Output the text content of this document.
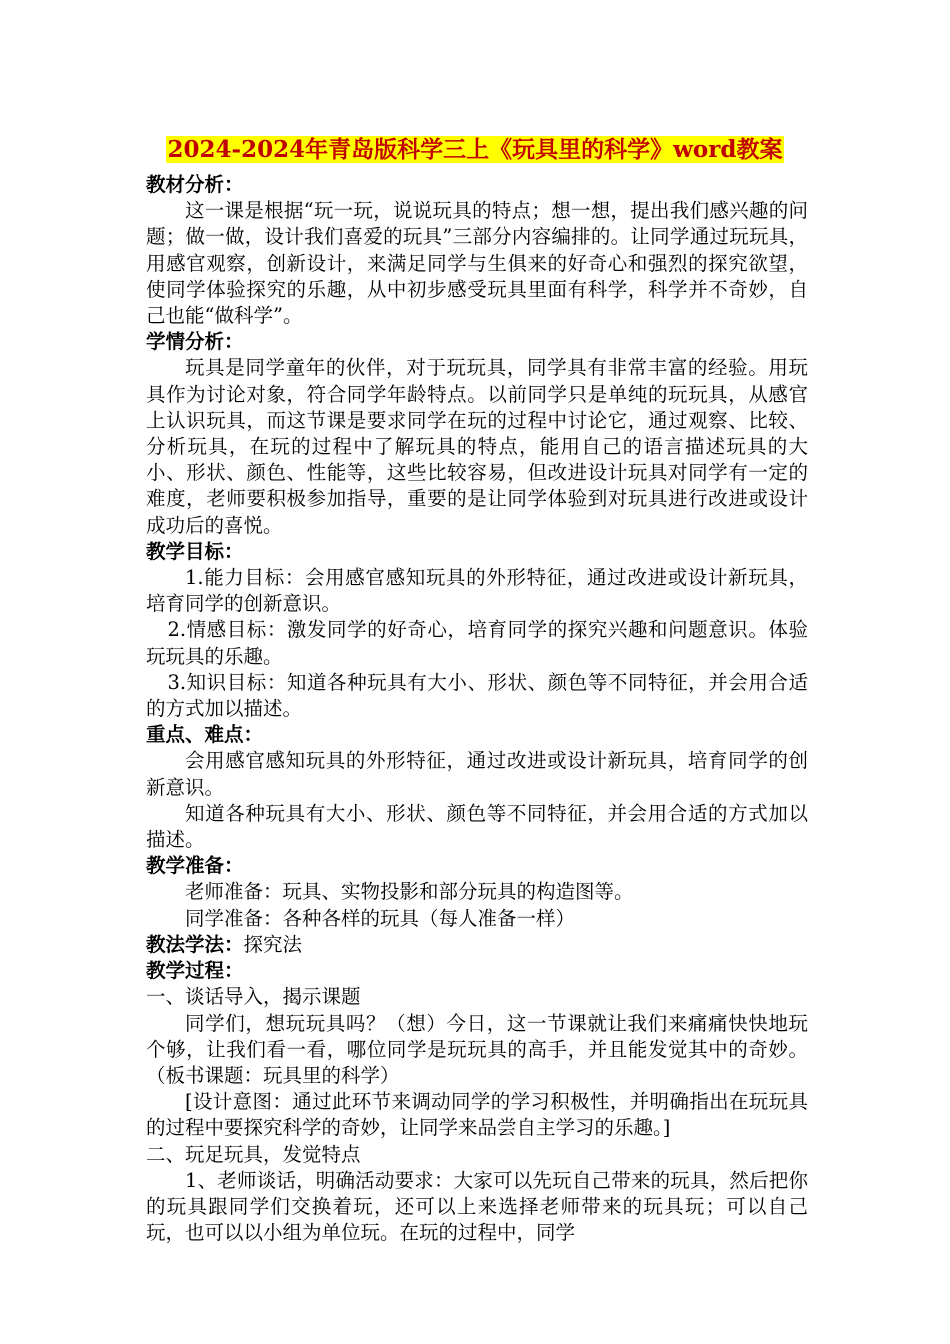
2024-2024年青岛版科学三上《玩具里的科学》word教案

教材分析：

这一课是根据“玩一玩，说说玩具的特点；想一想，提出我们感兴趣的问题；做一做，设计我们喜爱的玩具”三部分内容编排的。让同学通过玩玩具，用感官观察，创新设计，来满足同学与生俱来的好奇心和强烈的探究欲望，使同学体验探究的乐趣，从中初步感受玩具里面有科学，科学并不奇妙，自己也能“做科学”。

学情分析：

玩具是同学童年的伙伴，对于玩玩具，同学具有非常丰富的经验。用玩具作为讨论对象，符合同学年龄特点。以前同学只是单纯的玩玩具，从感官上认识玩具，而这节课是要求同学在玩的过程中讨论它，通过观察、比较、分析玩具，在玩的过程中了解玩具的特点，能用自己的语言描述玩具的大小、形状、颜色、性能等，这些比较容易，但改进设计玩具对同学有一定的难度，老师要积极参加指导，重要的是让同学体验到对玩具进行改进或设计成功后的喜悦。

教学目标：

1.能力目标：会用感官感知玩具的外形特征，通过改进或设计新玩具，培育同学的创新意识。

2.情感目标：激发同学的好奇心，培育同学的探究兴趣和问题意识。体验玩玩具的乐趣。

3.知识目标：知道各种玩具有大小、形状、颜色等不同特征，并会用合适的方式加以描述。

重点、难点：

会用感官感知玩具的外形特征，通过改进或设计新玩具，培育同学的创新意识。

知道各种玩具有大小、形状、颜色等不同特征，并会用合适的方式加以描述。

教学准备：

老师准备：玩具、实物投影和部分玩具的构造图等。

同学准备：各种各样的玩具（每人准备一样）

教法学法：探究法

教学过程：

一、谈话导入，揭示课题

同学们，想玩玩具吗？（想）今日，这一节课就让我们来痛痛快快地玩个够，让我们看一看，哪位同学是玩玩具的高手，并且能发觉其中的奇妙。（板书课题：玩具里的科学）

[设计意图：通过此环节来调动同学的学习积极性，并明确指出在玩玩具的过程中要探究科学的奇妙，让同学来品尝自主学习的乐趣。]

二、玩足玩具，发觉特点

1、老师谈话，明确活动要求：大家可以先玩自己带来的玩具，然后把你的玩具跟同学们交换着玩，还可以上来选择老师带来的玩具玩；可以自己玩，也可以以小组为单位玩。在玩的过程中，同学
